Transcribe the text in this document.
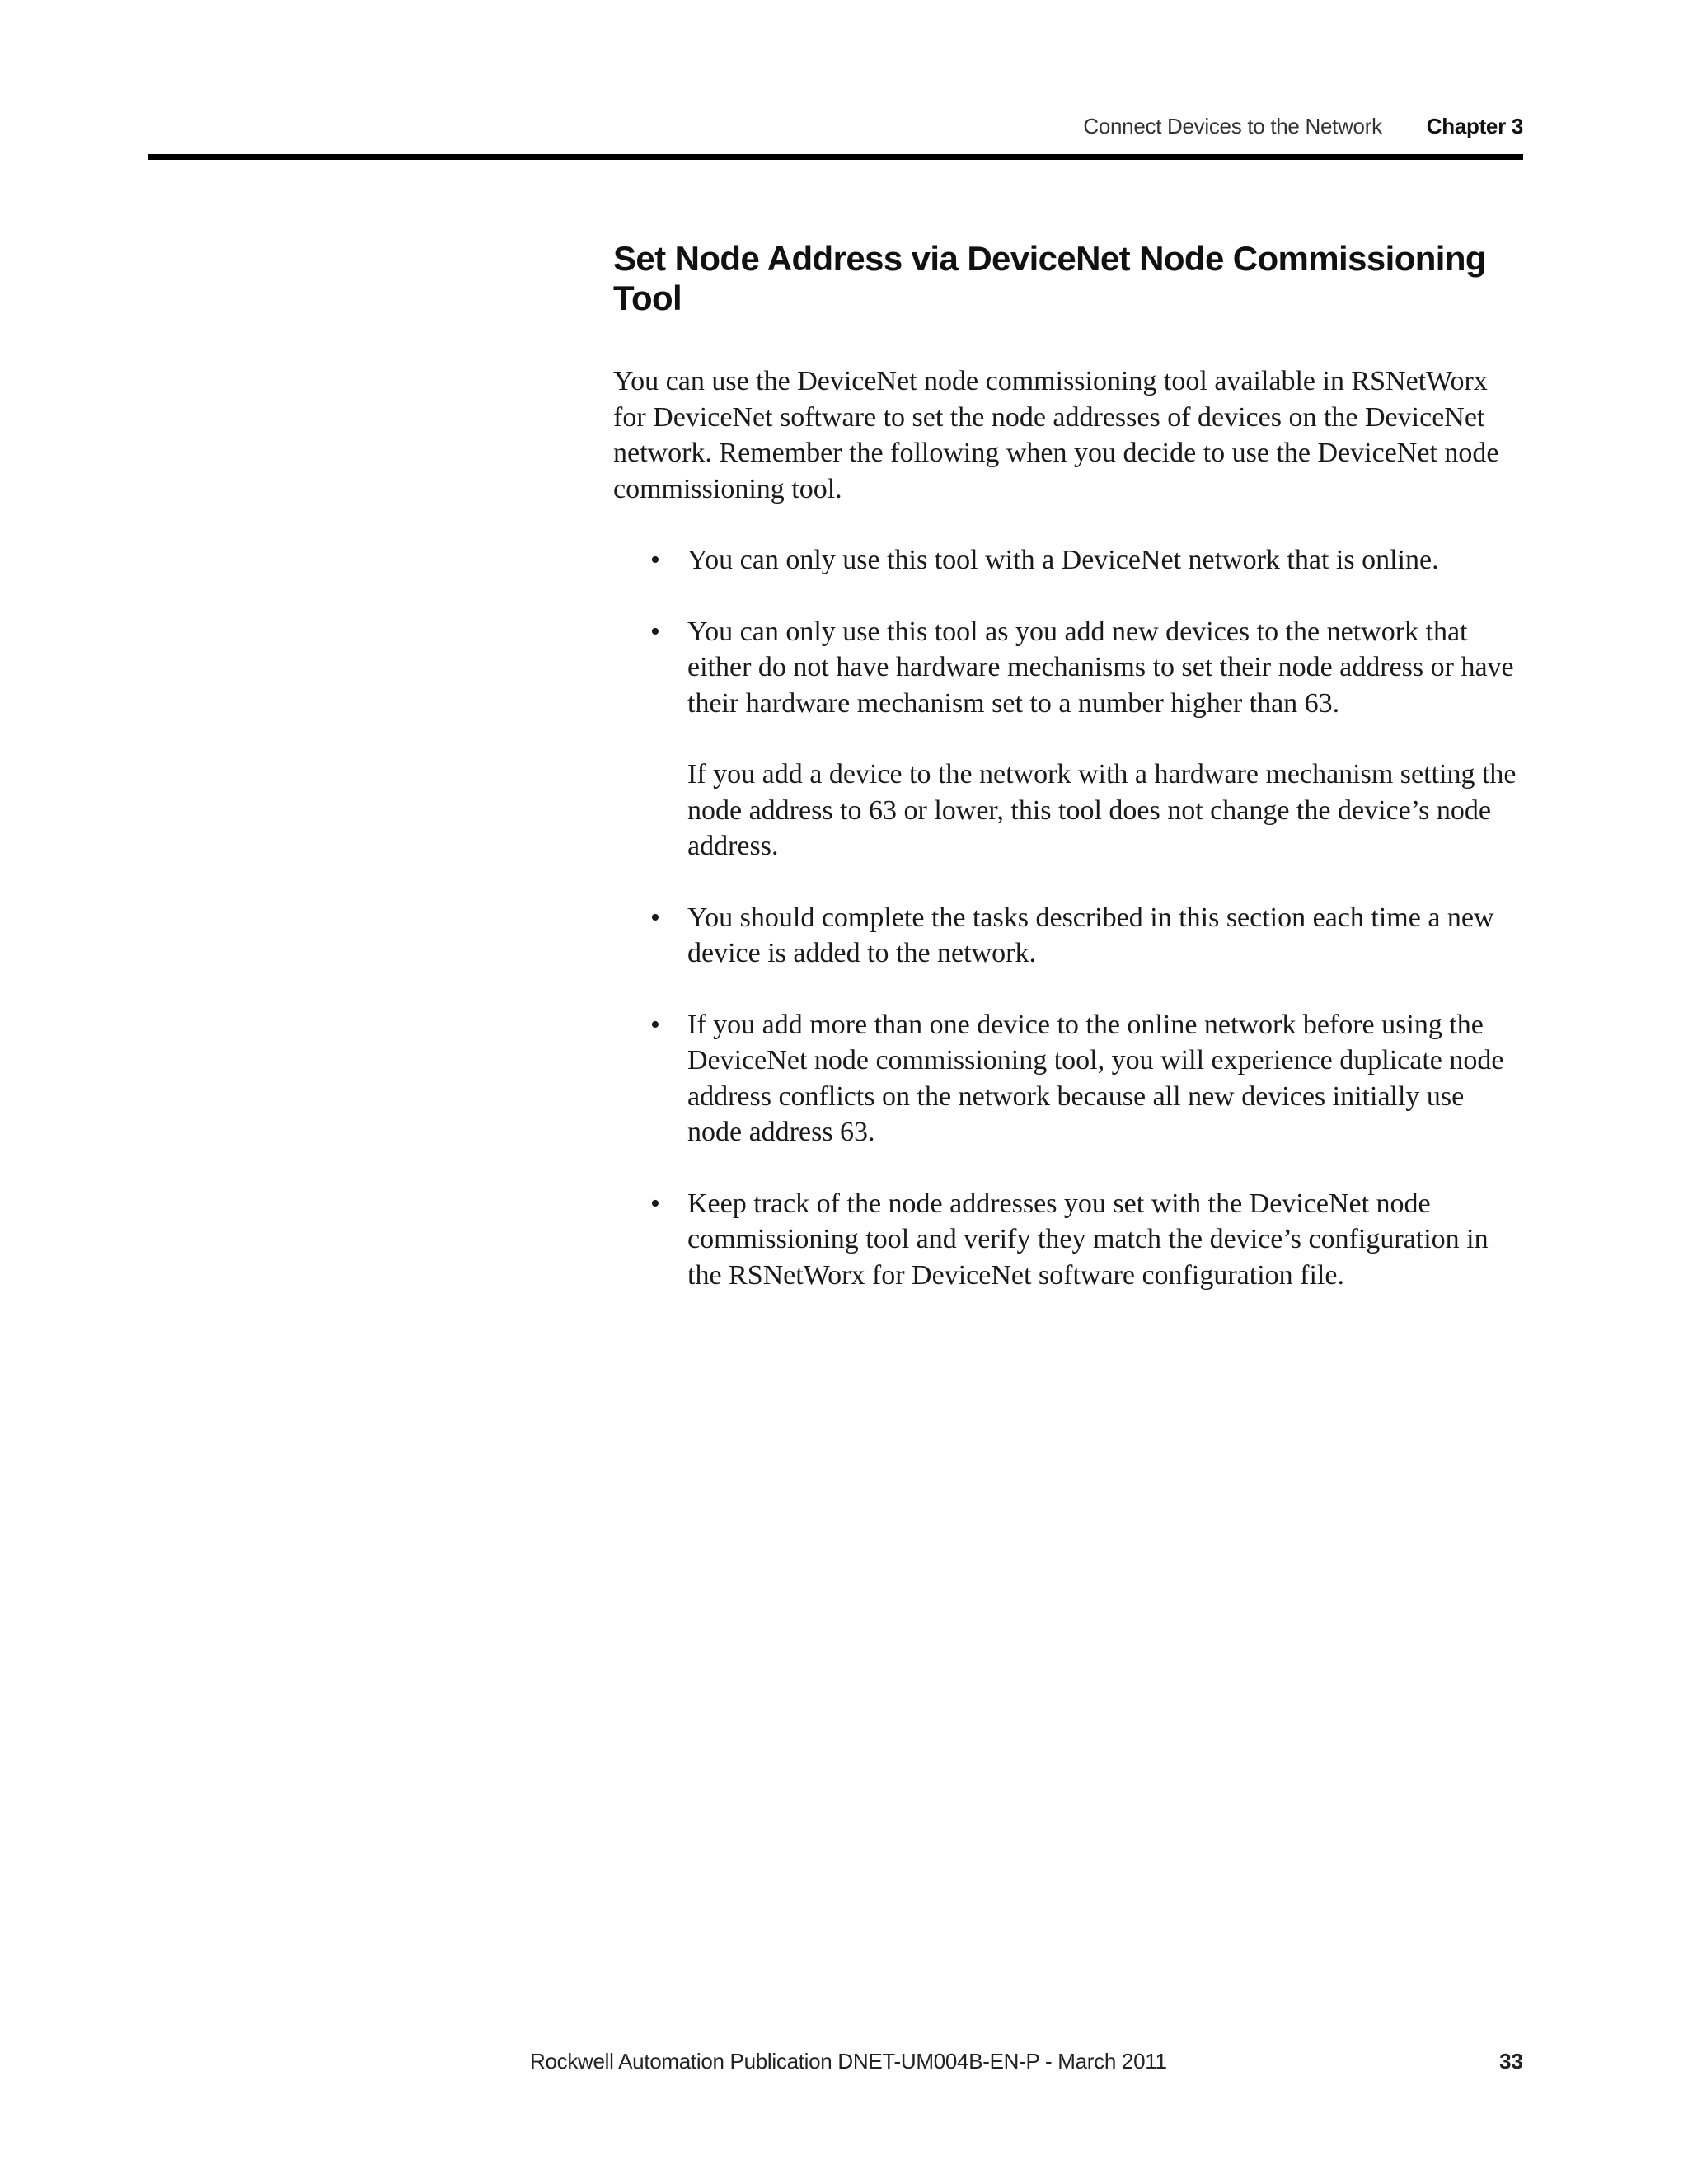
Connect Devices to the Network Chapter 3
Set Node Address via DeviceNet Node Commissioning Tool

You can use the DeviceNet node commissioning tool available in RSNetWorx for DeviceNet software to set the node addresses of devices on the DeviceNet network. Remember the following when you decide to use the DeviceNet node commissioning tool.

• You can only use this tool with a DeviceNet network that is online.

• You can only use this tool as you add new devices to the network that either do not have hardware mechanisms to set their node address or have their hardware mechanism set to a number higher than 63.

If you add a device to the network with a hardware mechanism setting the node address to 63 or lower, this tool does not change the device’s node address.

• You should complete the tasks described in this section each time a new device is added to the network.

• If you add more than one device to the online network before using the DeviceNet node commissioning tool, you will experience duplicate node address conflicts on the network because all new devices initially use node address 63.

• Keep track of the node addresses you set with the DeviceNet node commissioning tool and verify they match the device’s configuration in the RSNetWorx for DeviceNet software configuration file.

Rockwell Automation Publication DNET-UM004B-EN-P - March 2011	33
